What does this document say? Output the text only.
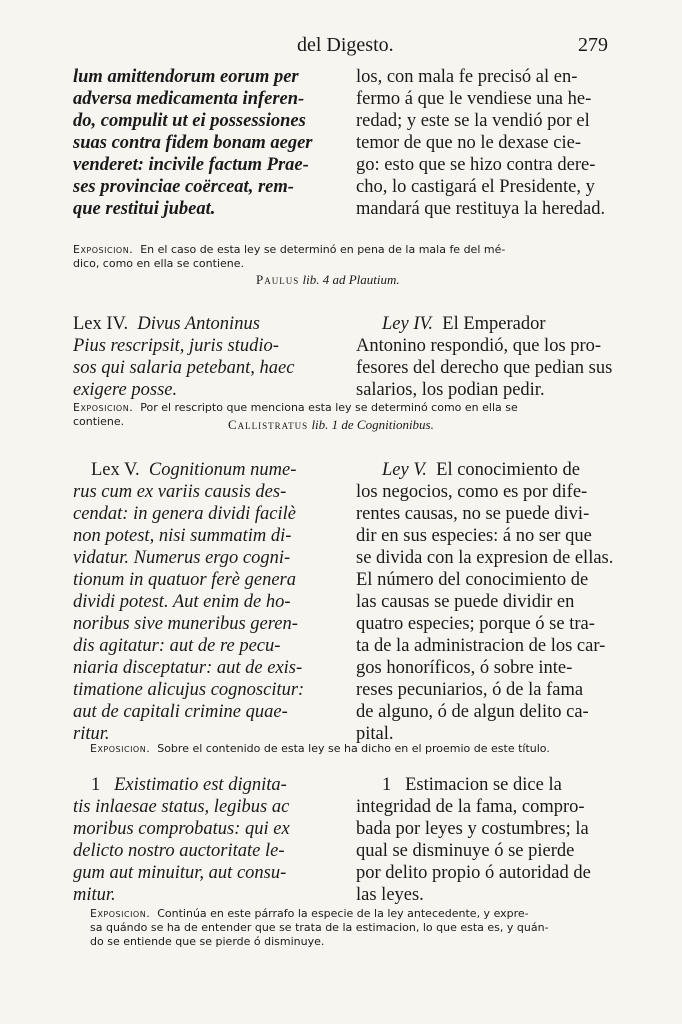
del Digesto.	279
lum amittendorum eorum per
adversa medicamenta inferen-
do, compulit ut ei possessiones
suas contra fidem bonam aeger
venderet: incivile factum Prae-
ses provinciae coërceat, rem-
que restitui jubeat.
los, con mala fe precisó al en-
fermo á que le vendiese una he-
redad; y este se la vendió por el
temor de que no le dexase cie-
go: esto que se hizo contra dere-
cho, lo castigará el Presidente, y
mandará que restituya la heredad.

Exposicion. En el caso de esta ley se determinó en pena de la mala fe del mé-
dico, como en ella se contiene.

Paulus lib. 4 ad Plautium.

Lex IV. Divus Antoninus
Pius rescripsit, juris studio-
sos qui salaria petebant, haec
exigere posse.

Ley IV. El Emperador
Antonino respondió, que los pro-
fesores del derecho que pedian sus
salarios, los podian pedir.

Exposicion. Por el rescripto que menciona esta ley se determinó como en ella se
contiene.	Callistratus lib. 1 de Cognitionibus.

Lex V. Cognitionum nume-
rus cum ex variis causis des-
cendat: in genera dividi facilè
non potest, nisi summatim di-
vidatur. Numerus ergo cogni-
tionum in quatuor ferè genera
dividi potest. Aut enim de ho-
noribus sive muneribus geren-
dis agitatur: aut de re pecu-
niaria disceptatur: aut de exis-
timatione alicujus cognoscitur:
aut de capitali crimine quae-
ritur.

Ley V. El conocimiento de
los negocios, como es por dife-
rentes causas, no se puede divi-
dir en sus especies: á no ser que
se divida con la expresion de ellas.
El número del conocimiento de
las causas se puede dividir en
quatro especies; porque ó se tra-
ta de la administracion de los car-
gos honoríficos, ó sobre inte-
reses pecuniarios, ó de la fama
de alguno, ó de algun delito ca-
pital.

Exposicion. Sobre el contenido de esta ley se ha dicho en el proemio de este título.

1 Existimatio est dignita-
tis inlaesae status, legibus ac
moribus comprobatus: qui ex
delicto nostro auctoritate le-
gum aut minuitur, aut consu-
mitur.

1 Estimacion se dice la
integridad de la fama, compro-
bada por leyes y costumbres; la
qual se disminuye ó se pierde
por delito propio ó autoridad de
las leyes.

Exposicion. Continúa en este párrafo la especie de la ley antecedente, y expre-
sa quándo se ha de entender que se trata de la estimacion, lo que esta es, y quán-
do se entiende que se pierde ó disminuye.
